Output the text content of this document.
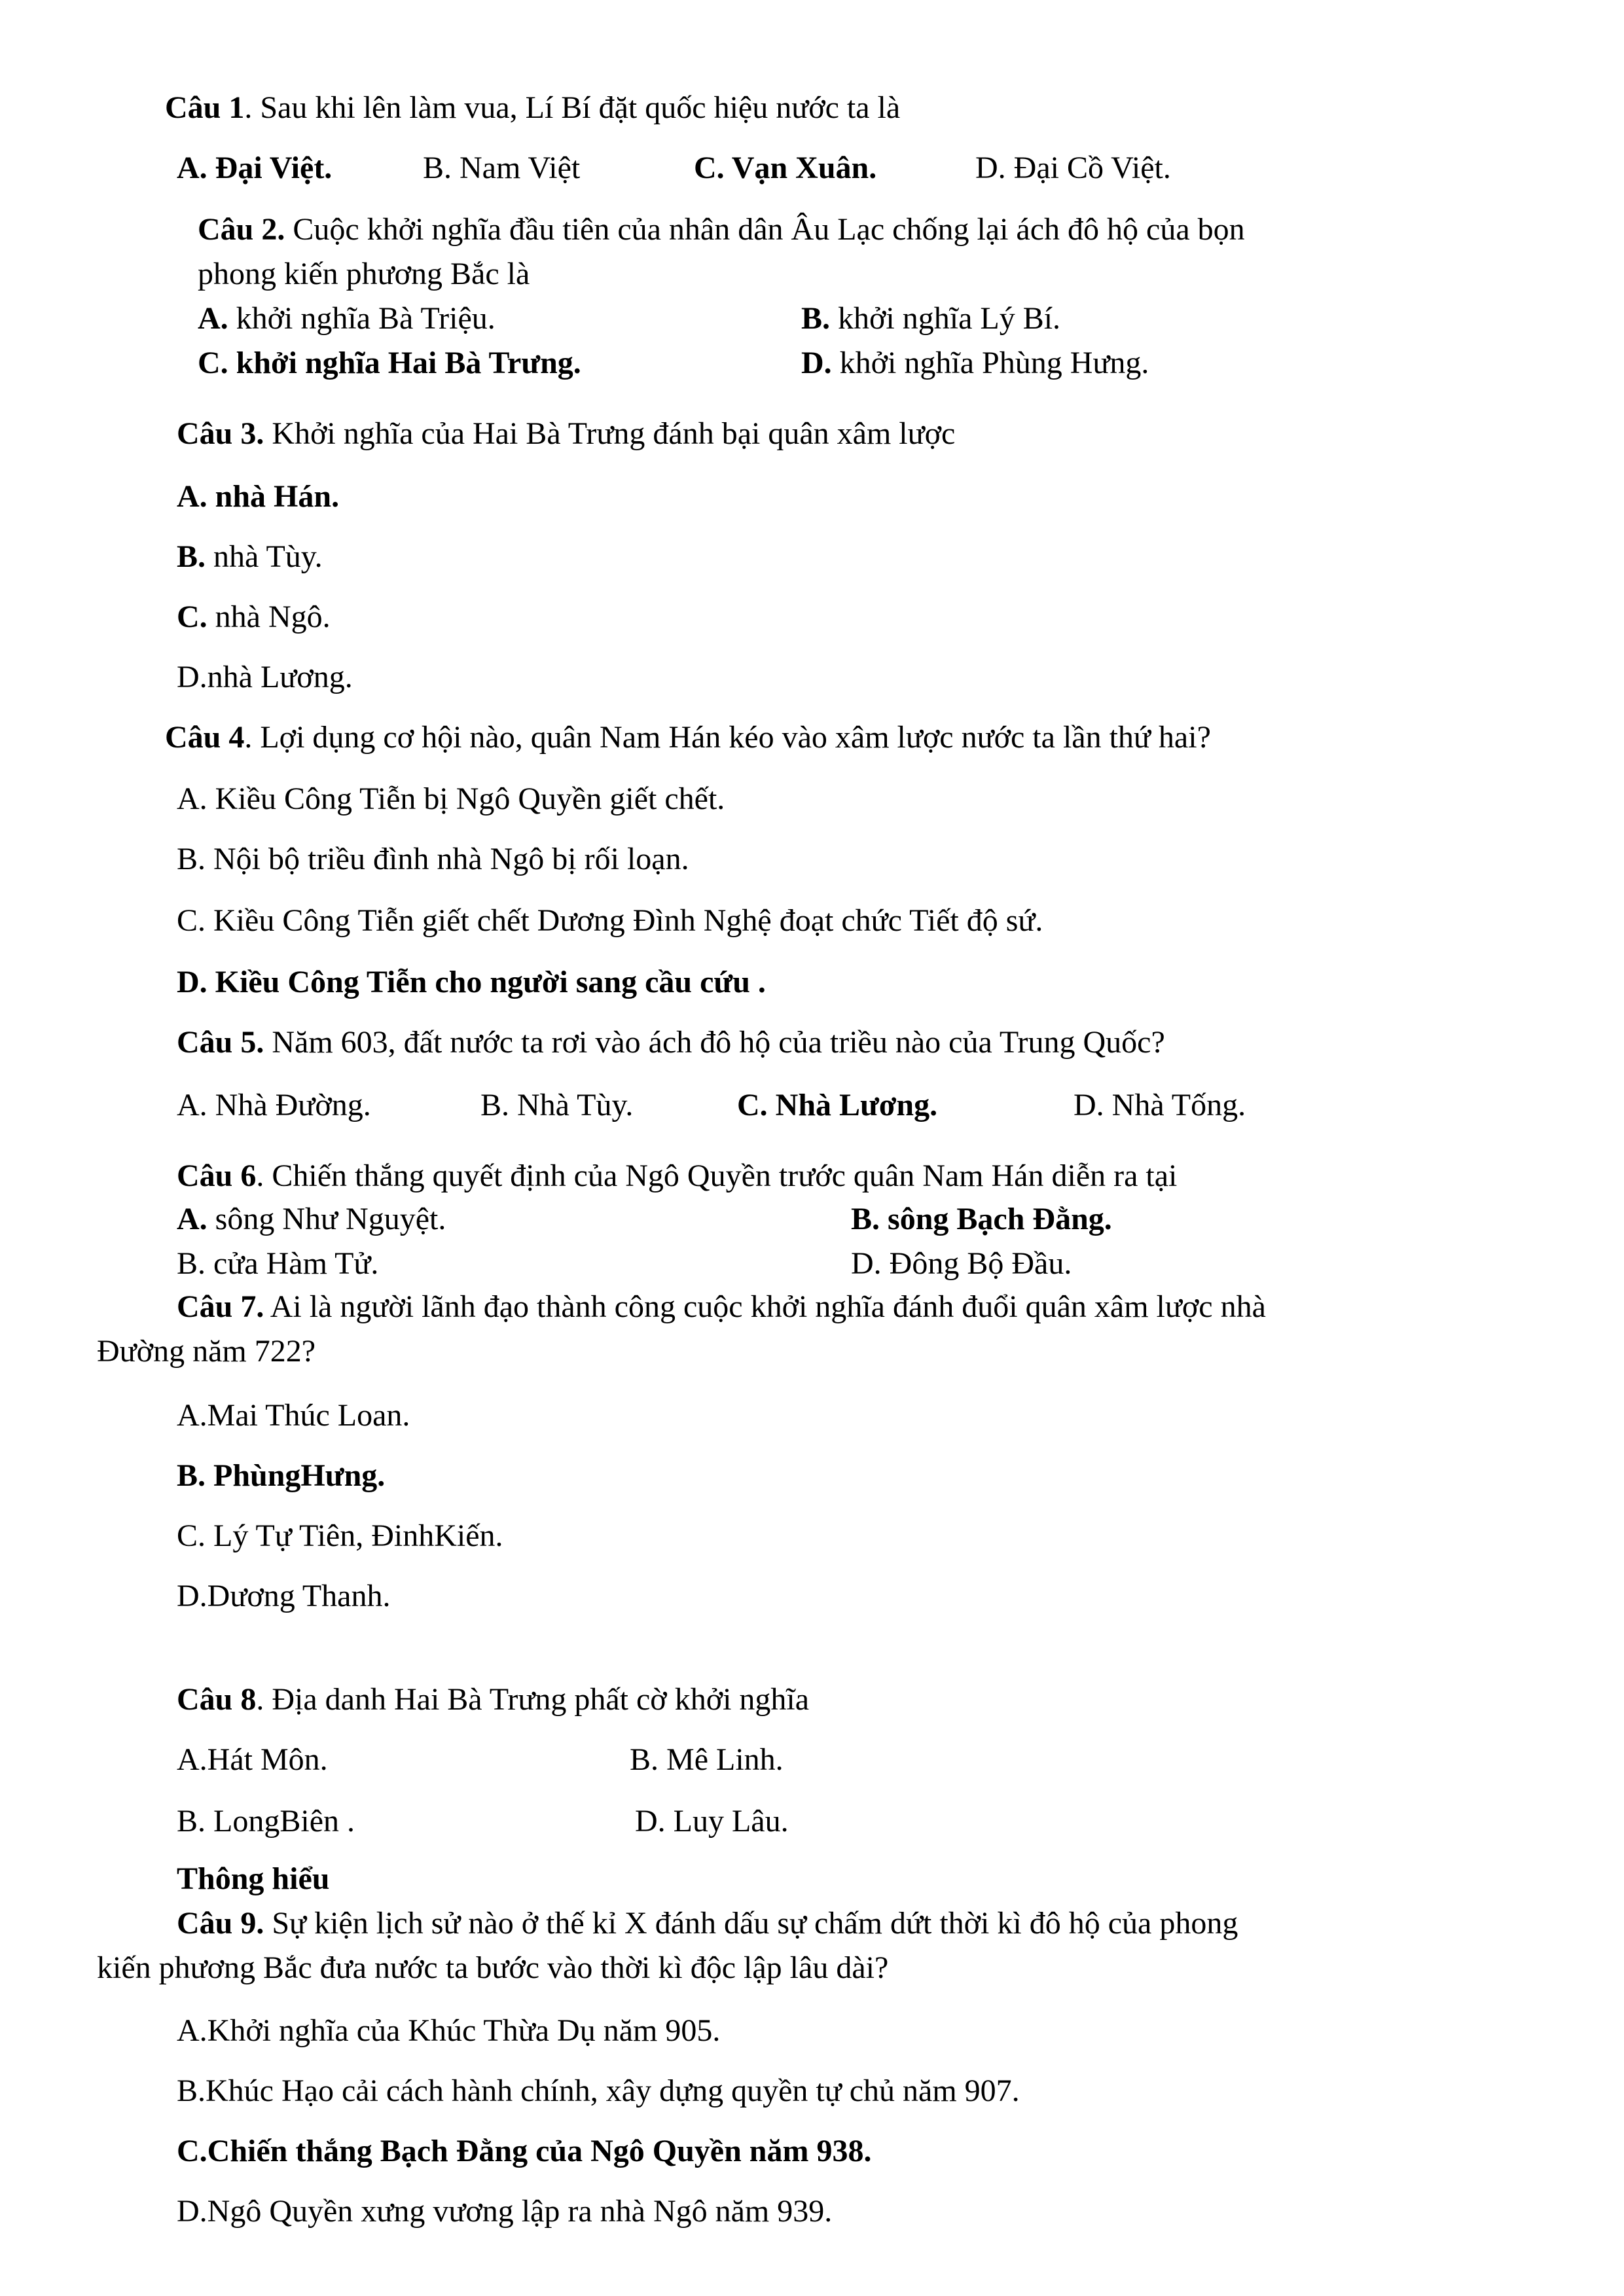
Câu 1. Sau khi lên làm vua, Lí Bí đặt quốc hiệu nước ta là
A. Đại Việt.	B. Nam Việt	C. Vạn Xuân.	D. Đại Cồ Việt.
Câu 2. Cuộc khởi nghĩa đầu tiên của nhân dân Âu Lạc chống lại ách đô hộ của bọn
phong kiến phương Bắc là
A. khởi nghĩa Bà Triệu.	B. khởi nghĩa Lý Bí.
C. khởi nghĩa Hai Bà Trưng.	D. khởi nghĩa Phùng Hưng.
Câu 3. Khởi nghĩa của Hai Bà Trưng đánh bại quân xâm lược
A. nhà Hán.
B. nhà Tùy.
C. nhà Ngô.
D.nhà Lương.
Câu 4. Lợi dụng cơ hội nào, quân Nam Hán kéo vào xâm lược nước ta lần thứ hai?
A. Kiều Công Tiễn bị Ngô Quyền giết chết.
B. Nội bộ triều đình nhà Ngô bị rối loạn.
C. Kiều Công Tiễn giết chết Dương Đình Nghệ đoạt chức Tiết độ sứ.
D. Kiều Công Tiễn cho người sang cầu cứu .
Câu 5. Năm 603, đất nước ta rơi vào ách đô hộ của triều nào của Trung Quốc?
A. Nhà Đường.	B. Nhà Tùy.	C. Nhà Lương.	D. Nhà Tống.
Câu 6. Chiến thắng quyết định của Ngô Quyền trước quân Nam Hán diễn ra tại
A. sông Như Nguyệt.	B. sông Bạch Đằng.
B. cửa Hàm Tử.	D. Đông Bộ Đầu.
Câu 7. Ai là người lãnh đạo thành công cuộc khởi nghĩa đánh đuổi quân xâm lược nhà
Đường năm 722?
A.Mai Thúc Loan.
B. PhùngHưng.
C. Lý Tự Tiên, ĐinhKiến.
D.Dương Thanh.
Câu 8. Địa danh Hai Bà Trưng phất cờ khởi nghĩa
A.Hát Môn.	B. Mê Linh.
B. LongBiên .	D. Luy Lâu.
Thông hiểu
Câu 9. Sự kiện lịch sử nào ở thế kỉ X đánh dấu sự chấm dứt thời kì đô hộ của phong
kiến phương Bắc đưa nước ta bước vào thời kì độc lập lâu dài?
A.Khởi nghĩa của Khúc Thừa Dụ năm 905.
B.Khúc Hạo cải cách hành chính, xây dựng quyền tự chủ năm 907.
C.Chiến thắng Bạch Đằng của Ngô Quyền năm 938.
D.Ngô Quyền xưng vương lập ra nhà Ngô năm 939.
